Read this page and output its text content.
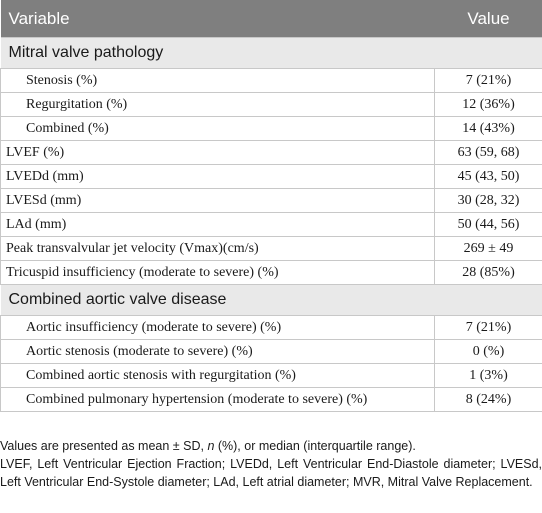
Variable	Value
Mitral valve pathology	
Stenosis (%)	7 (21%)
Regurgitation (%)	12 (36%)
Combined (%)	14 (43%)
LVEF (%)	63 (59, 68)
LVEDd (mm)	45 (43, 50)
LVESd (mm)	30 (28, 32)
LAd (mm)	50 (44, 56)
Peak transvalvular jet velocity (Vmax)(cm/s)	269 ± 49
Tricuspid insufficiency (moderate to severe) (%)	28 (85%)
Combined aortic valve disease	
Aortic insufficiency (moderate to severe) (%)	7 (21%)
Aortic stenosis (moderate to severe) (%)	0 (%)
Combined aortic stenosis with regurgitation (%)	1 (3%)
Combined pulmonary hypertension (moderate to severe) (%)	8 (24%)

Values are presented as mean ± SD, n (%), or median (interquartile range).

LVEF, Left Ventricular Ejection Fraction; LVEDd, Left Ventricular End-Diastole diameter; LVESd, Left Ventricular End-Systole diameter; LAd, Left atrial diameter; MVR, Mitral Valve Replacement.
